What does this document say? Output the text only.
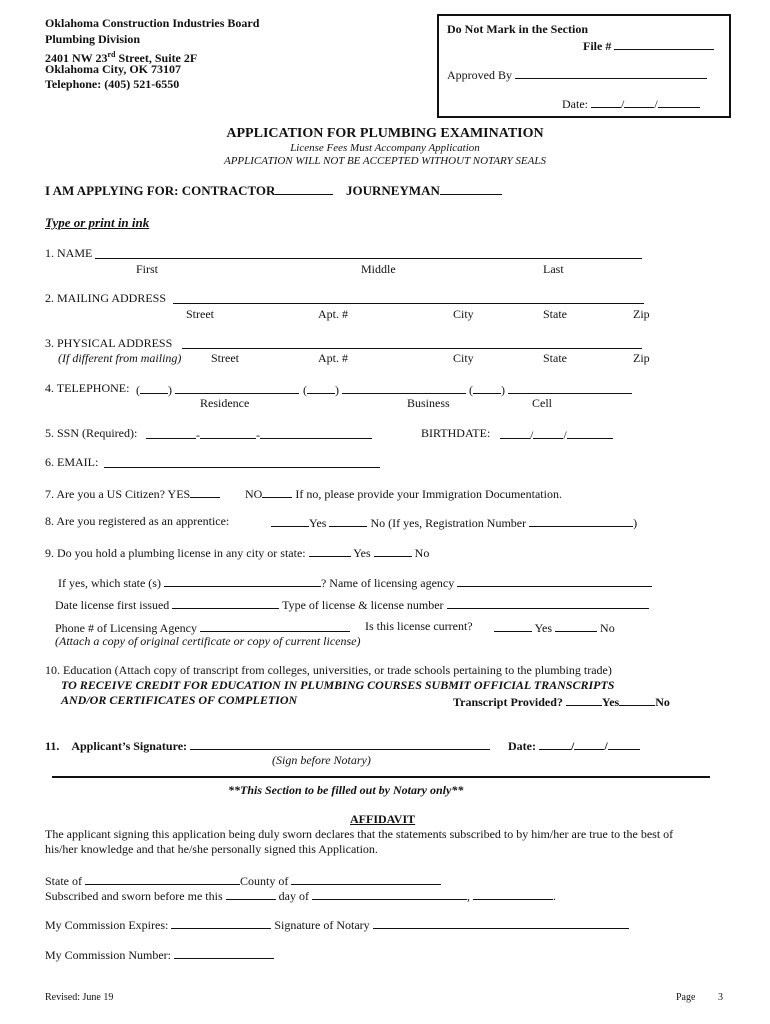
Oklahoma Construction Industries Board
Plumbing Division
2401 NW 23rd Street, Suite 2F
Oklahoma City, OK 73107
Telephone: (405) 521-6550
Do Not Mark in the Section
File #
Approved By
Date:	/	/
APPLICATION FOR PLUMBING EXAMINATION
License Fees Must Accompany Application
APPLICATION WILL NOT BE ACCEPTED WITHOUT NOTARY SEALS
I AM APPLYING FOR: CONTRACTOR	JOURNEYMAN
Type or print in ink
1. NAME
First	Middle	Last
2. MAILING ADDRESS
Street	Apt. #	City	State	Zip
3. PHYSICAL ADDRESS
(If different from mailing) Street	Apt. #	City	State	Zip
4. TELEPHONE: ( )	( )	( )
Residence	Business	Cell
5. SSN (Required):	-	-	BIRTHDATE:	/	/
6. EMAIL:
7. Are you a US Citizen? YES	NO	If no, please provide your Immigration Documentation.
8. Are you registered as an apprentice:	Yes	No (If yes, Registration Number	)
9. Do you hold a plumbing license in any city or state:	Yes	No
If yes, which state (s)	? Name of licensing agency
Date license first issued	Type of license & license number
Phone # of Licensing Agency	Is this license current?	Yes	No
(Attach a copy of original certificate or copy of current license)
10. Education (Attach copy of transcript from colleges, universities, or trade schools pertaining to the plumbing trade)
TO RECEIVE CREDIT FOR EDUCATION IN PLUMBING COURSES SUBMIT OFFICIAL TRANSCRIPTS
AND/OR CERTIFICATES OF COMPLETION	Transcript Provided?	Yes	No
11. Applicant’s Signature:	Date:	/	/
(Sign before Notary)
**This Section to be filled out by Notary only**
AFFIDAVIT
The applicant signing this application being duly sworn declares that the statements subscribed to by him/her are true to the best of
his/her knowledge and that he/she personally signed this Application.
State of	County of
Subscribed and sworn before me this	day of	,	.
My Commission Expires:	Signature of Notary
My Commission Number:
Revised: June 19	Page 3
